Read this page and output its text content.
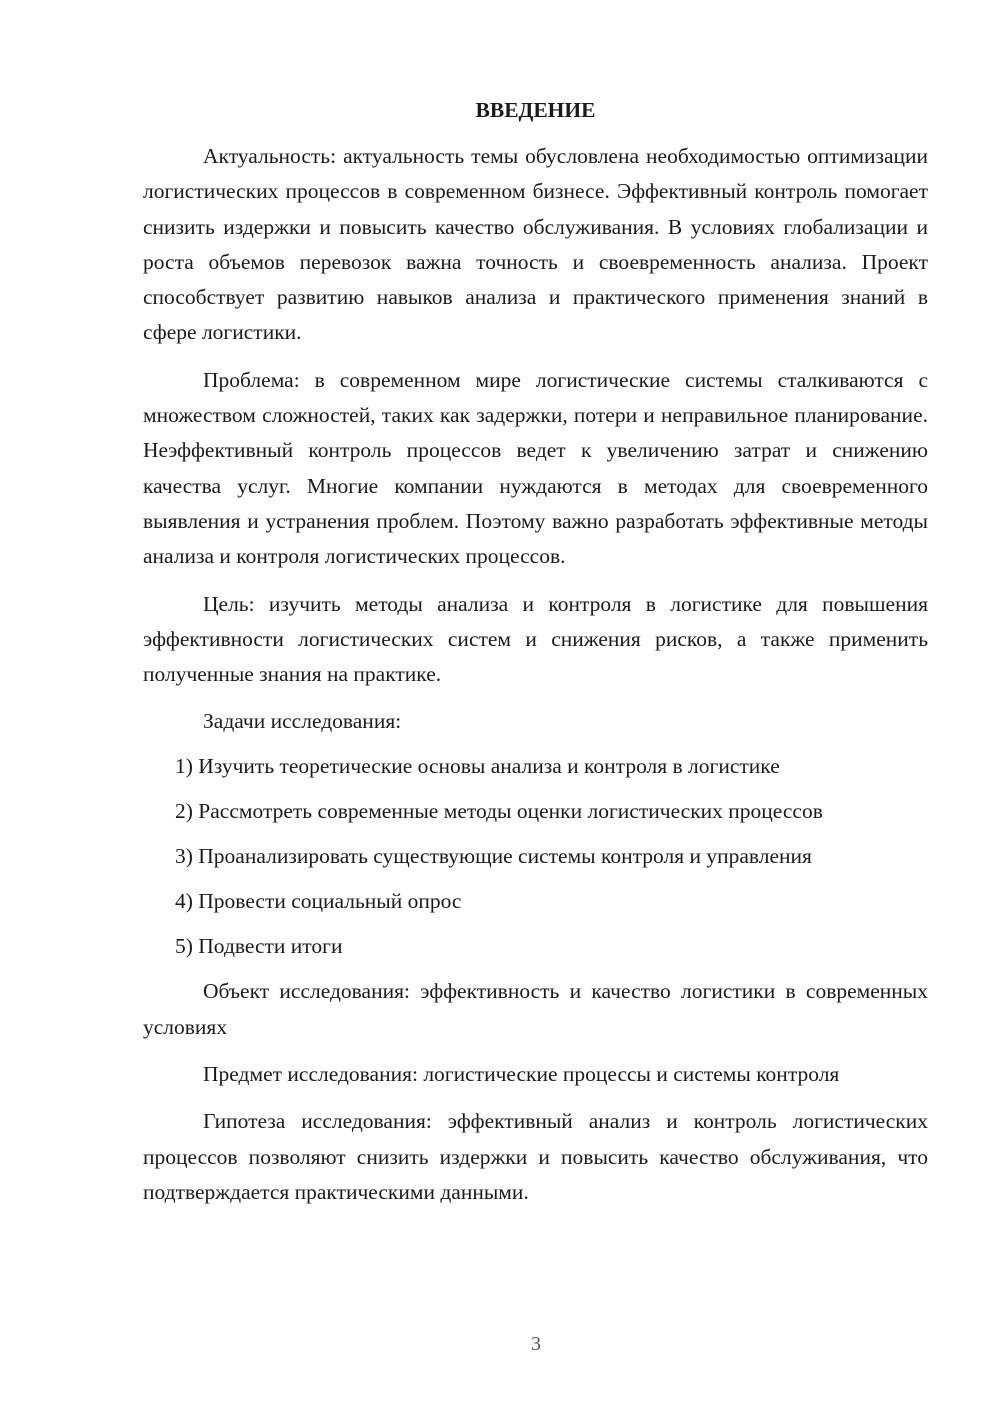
ВВЕДЕНИЕ

Актуальность: актуальность темы обусловлена необходимостью оптимизации логистических процессов в современном бизнесе. Эффективный контроль помогает снизить издержки и повысить качество обслуживания. В условиях глобализации и роста объемов перевозок важна точность и своевременность анализа. Проект способствует развитию навыков анализа и практического применения знаний в сфере логистики.

Проблема: в современном мире логистические системы сталкиваются с множеством сложностей, таких как задержки, потери и неправильное планирование. Неэффективный контроль процессов ведет к увеличению затрат и снижению качества услуг. Многие компании нуждаются в методах для своевременного выявления и устранения проблем. Поэтому важно разработать эффективные методы анализа и контроля логистических процессов.

Цель: изучить методы анализа и контроля в логистике для повышения эффективности логистических систем и снижения рисков, а также применить полученные знания на практике.

Задачи исследования:

1) Изучить теоретические основы анализа и контроля в логистике

2) Рассмотреть современные методы оценки логистических процессов

3) Проанализировать существующие системы контроля и управления

4) Провести социальный опрос

5) Подвести итоги

Объект исследования: эффективность и качество логистики в современных условиях

Предмет исследования: логистические процессы и системы контроля

Гипотеза исследования: эффективный анализ и контроль логистических процессов позволяют снизить издержки и повысить качество обслуживания, что подтверждается практическими данными.

3
